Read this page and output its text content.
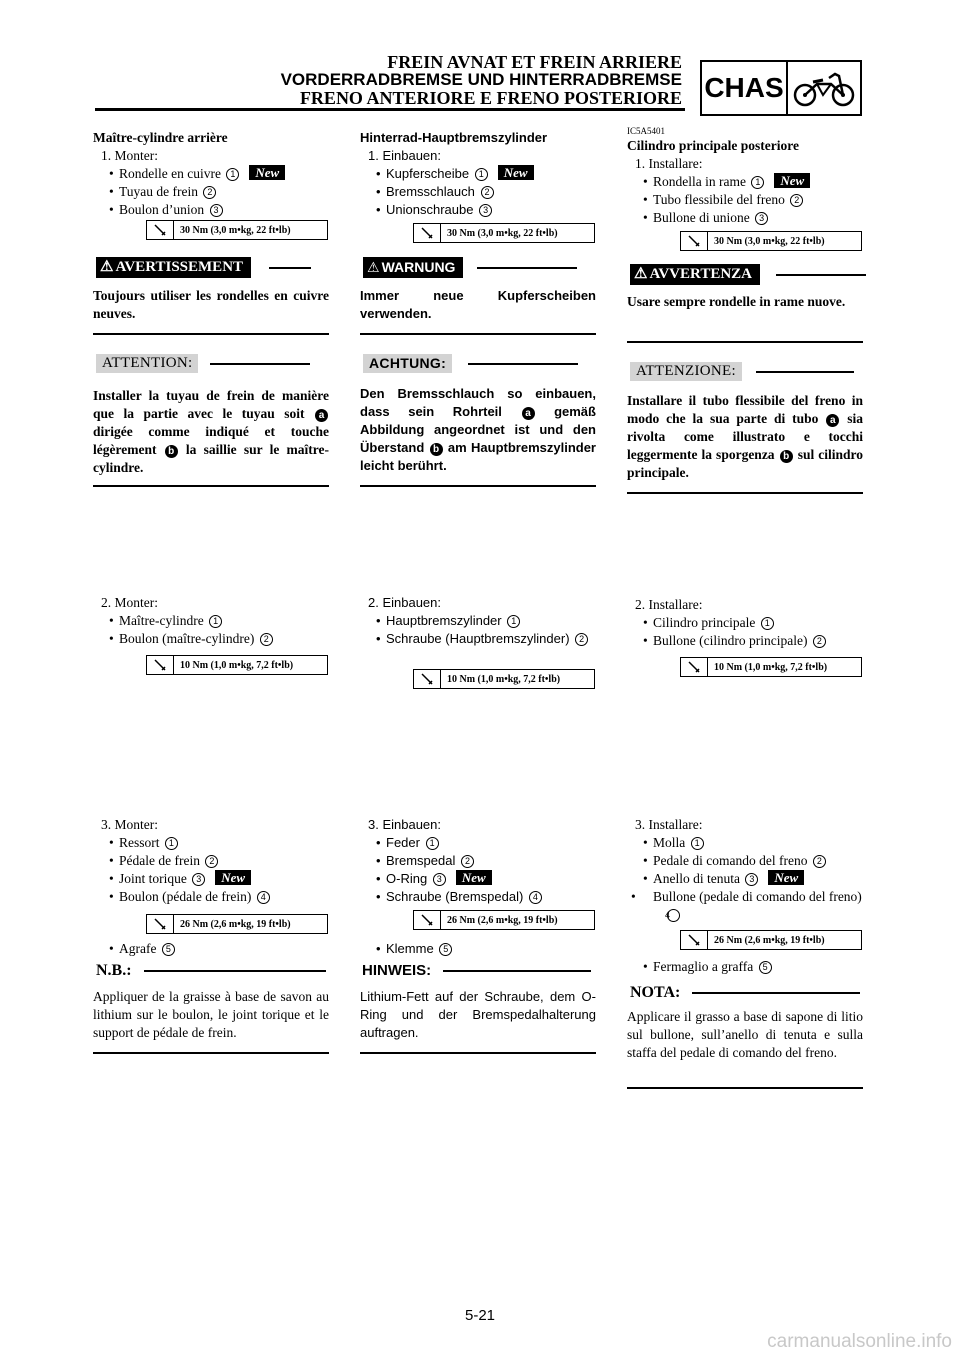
FREIN AVNAT ET FREIN ARRIERE
VORDERRADBREMSE UND HINTERRADBREMSE
FRENO ANTERIORE E FRENO POSTERIORE CHAS

Maître-cylindre arrière

1. Monter:
• Rondelle en cuivre 1 New
• Tuyau de frein 2
• Boulon d’union 3
30 Nm (3,0 m•kg, 22 ft•lb)
⚠ AVERTISSEMENT
Toujours utiliser les rondelles en cuivre neuves.
ATTENTION:
Installer la tuyau de frein de manière que la partie avec le tuyau soit a dirigée comme indiqué et touche légèrement b la saillie sur le maître-cylindre.
2. Monter:
• Maître-cylindre 1
• Boulon (maître-cylindre) 2
10 Nm (1,0 m•kg, 7,2 ft•lb)
3. Monter:
• Ressort 1
• Pédale de frein 2
• Joint torique 3 New
• Boulon (pédale de frein) 4
26 Nm (2,6 m•kg, 19 ft•lb)
• Agrafe 5
N.B.:
Appliquer de la graisse à base de savon au lithium sur le boulon, le joint torique et le support de pédale de frein.

Hinterrad-Hauptbremszylinder

1. Einbauen:
• Kupferscheibe 1 New
• Bremsschlauch 2
• Unionschraube 3
30 Nm (3,0 m•kg, 22 ft•lb)
⚠ WARNUNG
Immer neue Kupferscheiben verwenden.
ACHTUNG:
Den Bremsschlauch so einbauen, dass sein Rohrteil a gemäß Abbildung angeordnet ist und den Überstand b am Hauptbremszylinder leicht berührt.
2. Einbauen:
• Hauptbremszylinder 1
• Schraube (Hauptbremszylinder) 2
10 Nm (1,0 m•kg, 7,2 ft•lb)
3. Einbauen:
• Feder 1
• Bremspedal 2
• O-Ring 3 New
• Schraube (Bremspedal) 4
26 Nm (2,6 m•kg, 19 ft•lb)
• Klemme 5
HINWEIS:
Lithium-Fett auf der Schraube, dem O-Ring und der Bremspedalhalterung auftragen.
IC5A5401

Cilindro principale posteriore

1. Installare:
• Rondella in rame 1 New
• Tubo flessibile del freno 2
• Bullone di unione 3
30 Nm (3,0 m•kg, 22 ft•lb)
⚠ AVVERTENZA
Usare sempre rondelle in rame nuove.
ATTENZIONE:
Installare il tubo flessibile del freno in modo che la sua parte di tubo a sia rivolta come illustrato e tocchi leggermente la sporgenza b sul cilindro principale.
2. Installare:
• Cilindro principale 1
• Bullone (cilindro principale) 2
10 Nm (1,0 m•kg, 7,2 ft•lb)
3. Installare:
• Molla 1
• Pedale di comando del freno 2
• Anello di tenuta 3 New
• Bullone (pedale di comando del freno) 4
26 Nm (2,6 m•kg, 19 ft•lb)
• Fermaglio a graffa 5
NOTA:
Applicare il grasso a base di sapone di litio sul bullone, sull’anello di tenuta e sulla staffa del pedale di comando del freno.
5-21
carmanualsonline.info
